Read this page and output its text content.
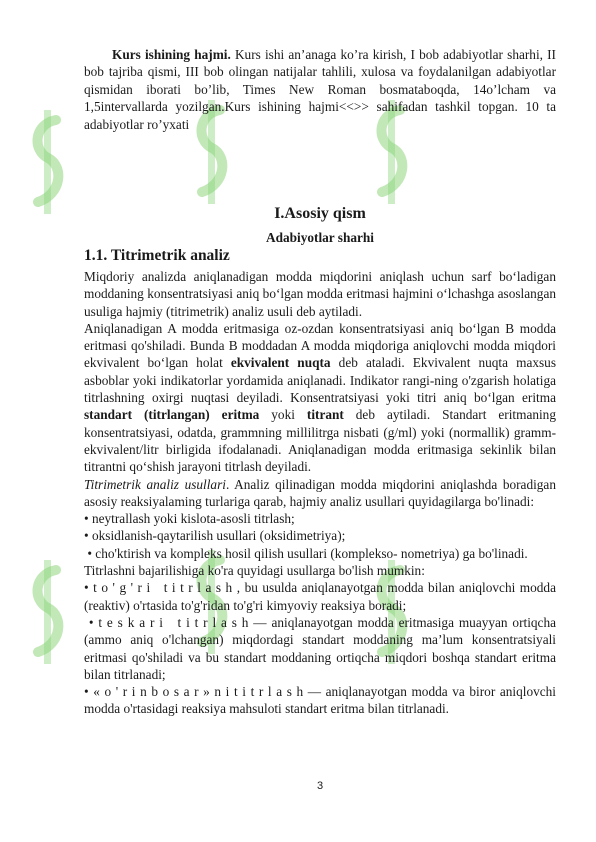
Kurs ishining hajmi. Kurs ishi an’anaga ko’ra kirish, I bob adabiyotlar sharhi, II bob tajriba qismi, III bob olingan natijalar tahlili, xulosa va foydalanilgan adabiyotlar qismidan iborati bo’lib, Times New Roman bosmataboqda, 14o’lcham va 1,5intervallarda yozilgan.Kurs ishining hajmi<<>> sahifadan tashkil topgan. 10 ta adabiyotlar ro’yxati

I.Asosiy qism
Adabiyotlar sharhi
1.1. Titrimetrik analiz

Miqdoriy analizda aniqlanadigan modda miqdorini aniqlash uchun sarf bo‘ladigan moddaning konsentratsiyasi aniq bo‘lgan modda eritmasi hajmini o‘lchashga asoslangan usuliga hajmiy (titrimetrik) analiz usuli deb aytiladi.

Aniqlanadigan A modda eritmasiga oz-ozdan konsentratsiyasi aniq bo‘lgan B modda eritmasi qo'shiladi. Bunda B moddadan A modda miqdoriga aniqlovchi modda miqdori ekvivalent bo‘lgan holat ekvivalent nuqta deb ataladi. Ekvivalent nuqta maxsus asboblar yoki indikatorlar yordamida aniqlanadi. Indikator rangi-ning o'zgarish holatiga titrlashning oxirgi nuqtasi deyiladi. Konsentratsiyasi yoki titri aniq bo‘lgan eritma standart (titrlangan) eritma yoki titrant deb aytiladi. Standart eritmaning konsentratsiyasi, odatda, grammning millilitrga nisbati (g/ml) yoki (normallik) gramm-ekvivalent/litr birligida ifodalanadi. Aniqlanadigan modda eritmasiga sekinlik bilan titrantni qo‘shish jarayoni titrlash deyiladi.

Titrimetrik analiz usullari. Analiz qilinadigan modda miqdorini aniqlashda boradigan asosiy reaksiyalaming turlariga qarab, hajmiy analiz usullari quyidagilarga bo'linadi:

• neytrallash yoki kislota-asosli titrlash;

• oksidlanish-qaytarilish usullari (oksidimetriya);

• cho'ktirish va kompleks hosil qilish usullari (komplekso- nometriya) ga bo'linadi.

Titrlashni bajarilishiga ko'ra quyidagi usullarga bo'lish mumkin:

• t o ' g ' r i   t i t r l a s h , bu usulda aniqlanayotgan modda bilan aniqlovchi modda (reaktiv) o'rtasida to'g'ridan to'g'ri kimyoviy reaksiya boradi;

• t e s k a r i   t i t r l a s h — aniqlanayotgan modda eritmasiga muayyan ortiqcha (ammo aniq o'lchangan) miqdordagi standart moddaning ma’lum konsentratsiyali eritmasi qo'shiladi va bu standart moddaning ortiqcha miqdori boshqa standart eritma bilan titrlanadi;

• « o ' r i n b o s a r » n i t i t r l a s h — aniqlanayotgan modda va biror aniqlovchi modda o'rtasidagi reaksiya mahsuloti standart eritma bilan titrlanadi.

3
